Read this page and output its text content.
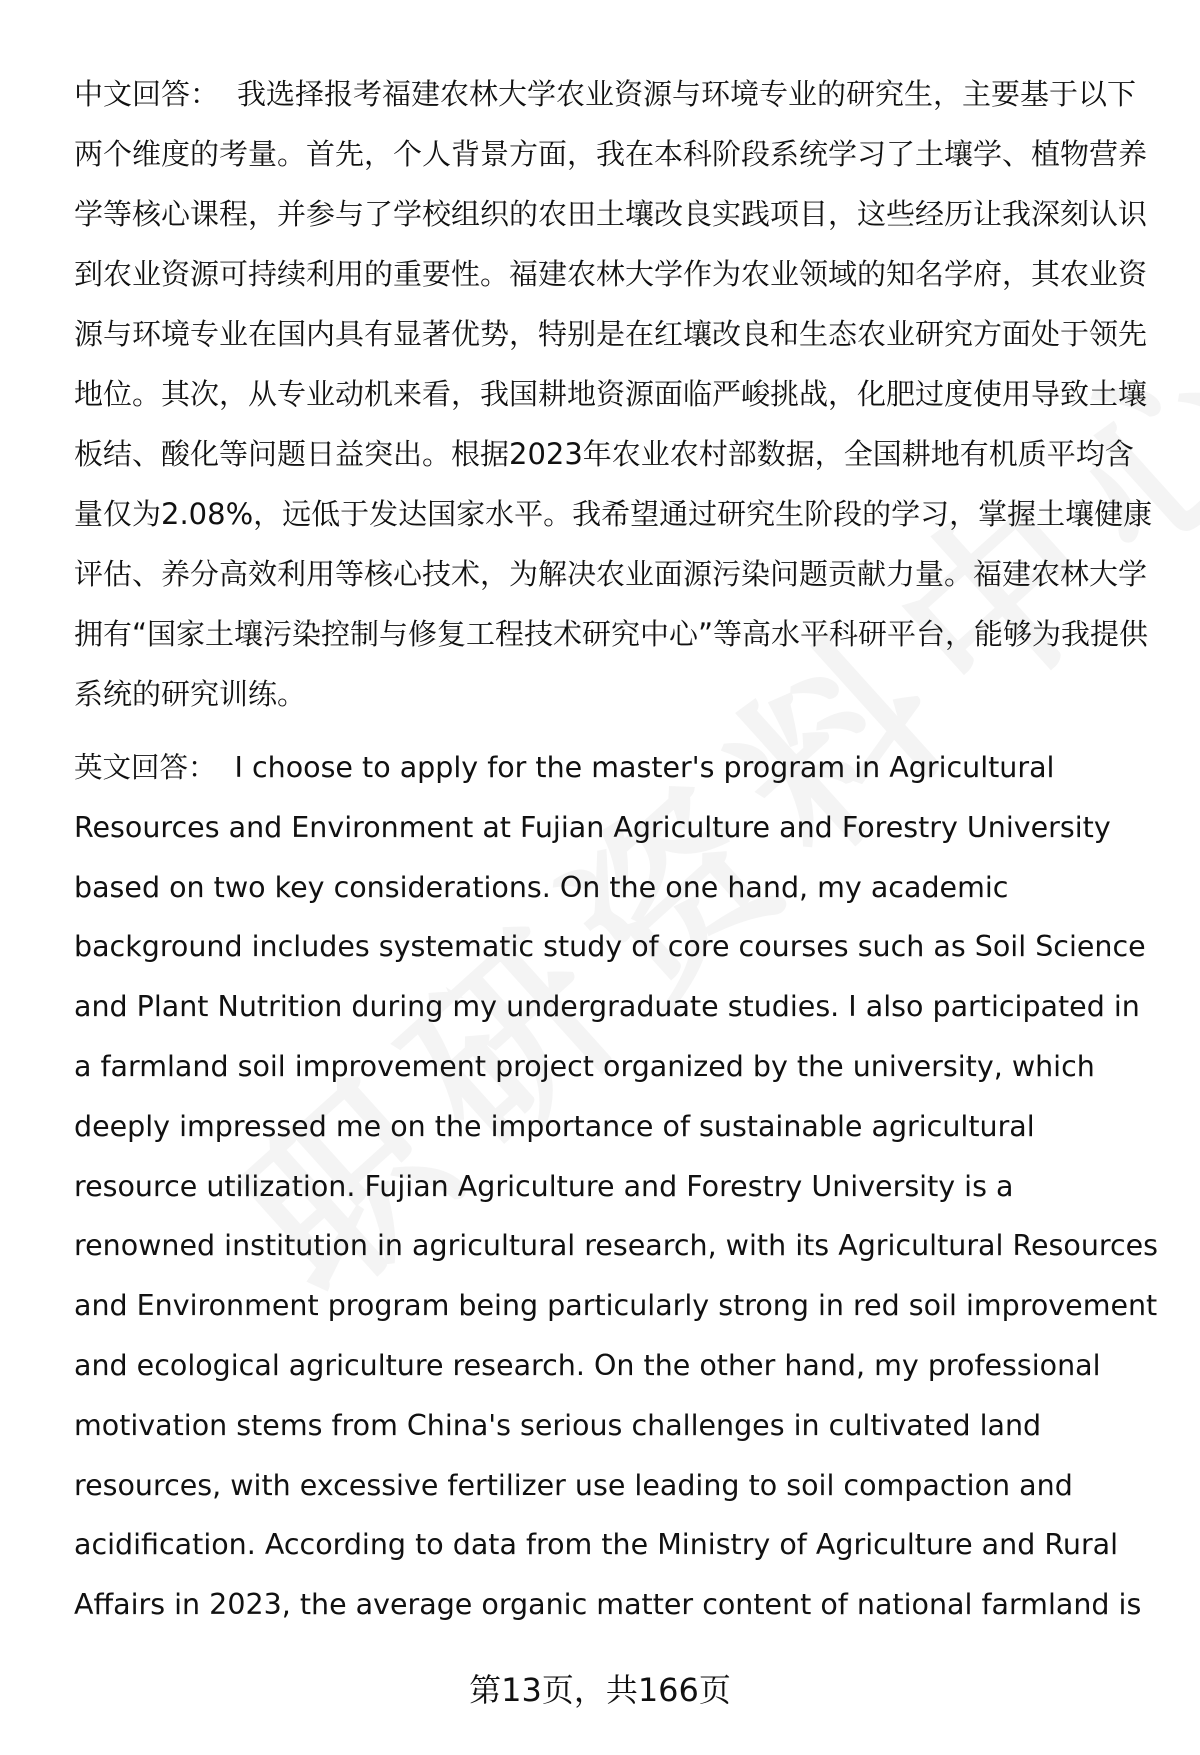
中文回答： 我选择报考福建农林大学农业资源与环境专业的研究生，主要基于以下两个维度的考量。首先，个人背景方面，我在本科阶段系统学习了土壤学、植物营养学等核心课程，并参与了学校组织的农田土壤改良实践项目，这些经历让我深刻认识到农业资源可持续利用的重要性。福建农林大学作为农业领域的知名学府，其农业资源与环境专业在国内具有显著优势，特别是在红壤改良和生态农业研究方面处于领先地位。其次，从专业动机来看，我国耕地资源面临严峻挑战，化肥过度使用导致土壤板结、酸化等问题日益突出。根据2023年农业农村部数据，全国耕地有机质平均含量仅为2.08%，远低于发达国家水平。我希望通过研究生阶段的学习，掌握土壤健康评估、养分高效利用等核心技术，为解决农业面源污染问题贡献力量。福建农林大学拥有“国家土壤污染控制与修复工程技术研究中心”等高水平科研平台，能够为我提供系统的研究训练。

英文回答： I choose to apply for the master's program in Agricultural Resources and Environment at Fujian Agriculture and Forestry University based on two key considerations. On the one hand, my academic background includes systematic study of core courses such as Soil Science and Plant Nutrition during my undergraduate studies. I also participated in a farmland soil improvement project organized by the university, which deeply impressed me on the importance of sustainable agricultural resource utilization. Fujian Agriculture and Forestry University is a renowned institution in agricultural research, with its Agricultural Resources and Environment program being particularly strong in red soil improvement and ecological agriculture research. On the other hand, my professional motivation stems from China's serious challenges in cultivated land resources, with excessive fertilizer use leading to soil compaction and acidification. According to data from the Ministry of Agriculture and Rural Affairs in 2023, the average organic matter content of national farmland is

第13页，共166页
